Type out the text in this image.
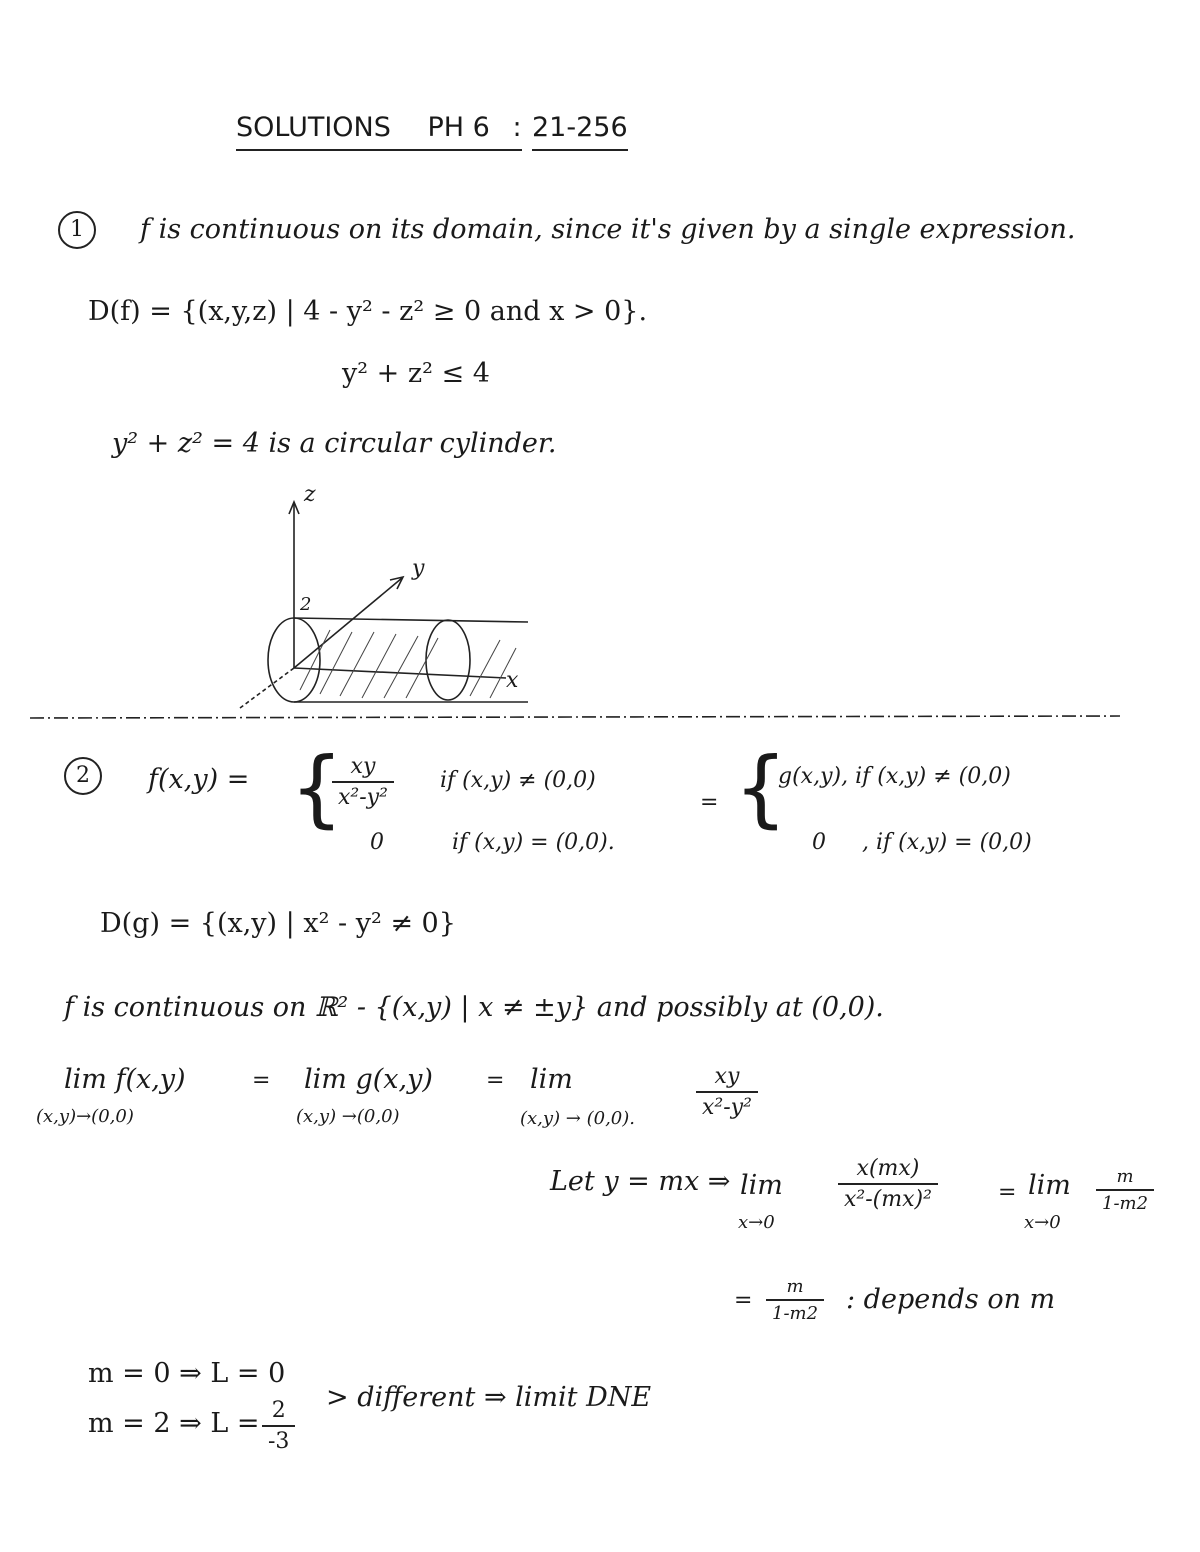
SOLUTIONS PH 6 : 21-256
1	f is continuous on its domain, since it's given by a single expression.
D(f) = {(x,y,z) | 4 - y² - z² ≥ 0 and x > 0}.
y² + z² ≤ 4
y² + z² = 4 is a circular cylinder.
z
y
x
2
2	f(x,y) = {
$\frac{xy}{\text{x²-y²}}$ if (x,y) ≠ (0,0)
0	if (x,y) = (0,0).
= {
g(x,y), if (x,y) ≠ (0,0)
0 , if (x,y) = (0,0)
D(g) = {(x,y) | x² - y² ≠ 0}
f is continuous on ℝ² - {(x,y) | x ≠ ±y} and possibly at (0,0).
lim f(x,y)
(x,y)→(0,0)
= lim g(x,y)
(x,y) →(0,0)
= lim
(x,y) → (0,0).	$\frac{xy}{\text{x²-y²}}$
Let y = mx ⇒ lim
x→0
$\frac{x(mx)}{\text{x²-(mx)²}}$	= lim
x→0
$\frac{m}{1-m2}$
= $\frac{m}{1-m2}$ : depends on m
m = 0 ⇒ L = 0
m = 2 ⇒ $L = \frac{2}{-3}$
> different ⇒ limit DNE
